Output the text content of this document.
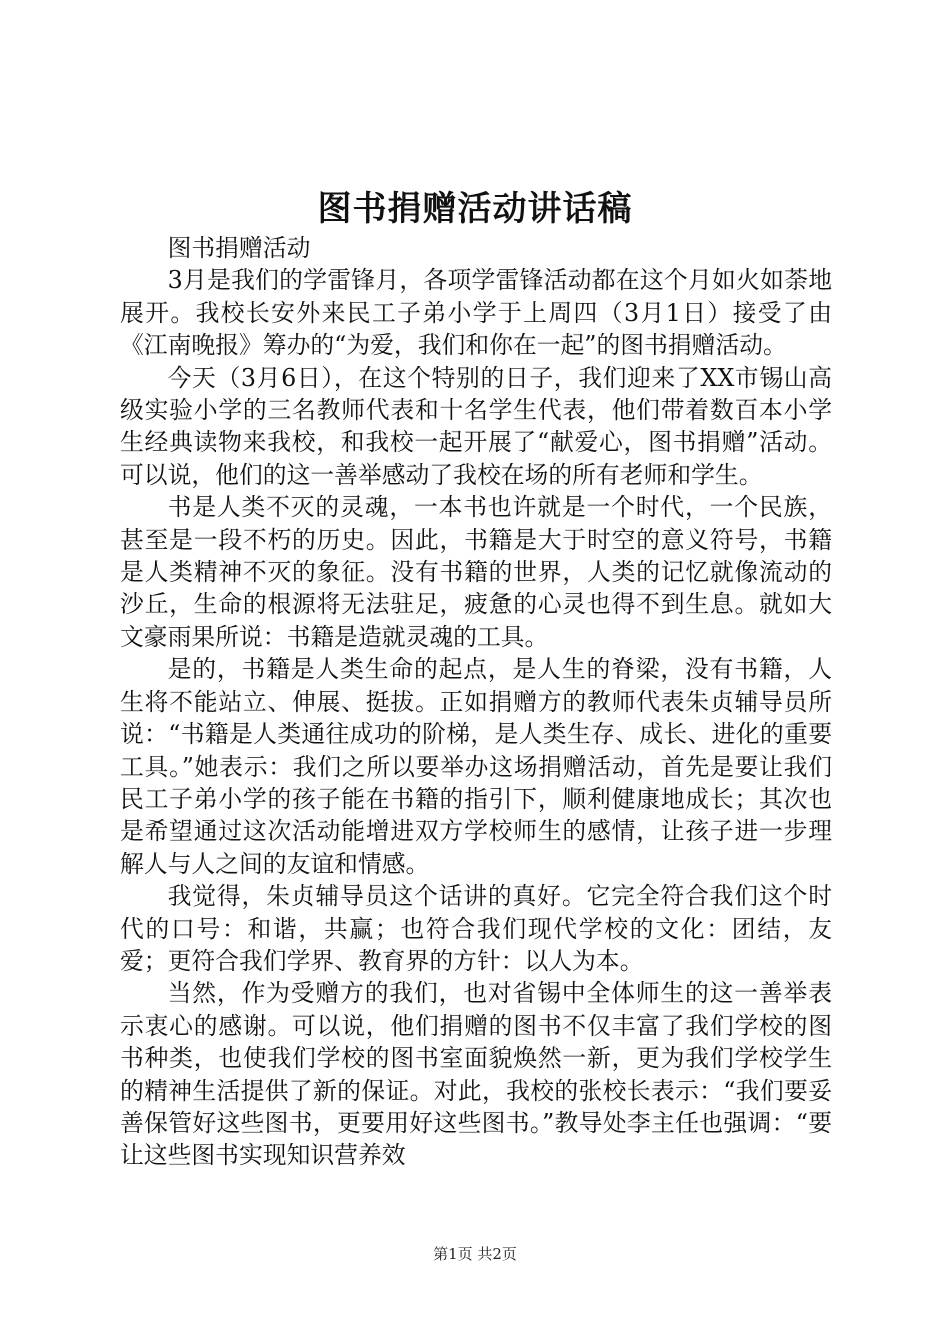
图书捐赠活动讲话稿

图书捐赠活动

3月是我们的学雷锋月，各项学雷锋活动都在这个月如火如荼地展开。我校长安外来民工子弟小学于上周四（3月1日）接受了由《江南晚报》筹办的“为爱，我们和你在一起”的图书捐赠活动。

今天（3月6日），在这个特别的日子，我们迎来了XX市锡山高级实验小学的三名教师代表和十名学生代表，他们带着数百本小学生经典读物来我校，和我校一起开展了“献爱心，图书捐赠”活动。可以说，他们的这一善举感动了我校在场的所有老师和学生。

书是人类不灭的灵魂，一本书也许就是一个时代，一个民族，甚至是一段不朽的历史。因此，书籍是大于时空的意义符号，书籍是人类精神不灭的象征。没有书籍的世界，人类的记忆就像流动的沙丘，生命的根源将无法驻足，疲惫的心灵也得不到生息。就如大文豪雨果所说：书籍是造就灵魂的工具。

是的，书籍是人类生命的起点，是人生的脊梁，没有书籍，人生将不能站立、伸展、挺拔。正如捐赠方的教师代表朱贞辅导员所说：“书籍是人类通往成功的阶梯，是人类生存、成长、进化的重要工具。”她表示：我们之所以要举办这场捐赠活动，首先是要让我们民工子弟小学的孩子能在书籍的指引下，顺利健康地成长；其次也是希望通过这次活动能增进双方学校师生的感情，让孩子进一步理解人与人之间的友谊和情感。

我觉得，朱贞辅导员这个话讲的真好。它完全符合我们这个时代的口号：和谐，共赢；也符合我们现代学校的文化：团结，友爱；更符合我们学界、教育界的方针：以人为本。

当然，作为受赠方的我们，也对省锡中全体师生的这一善举表示衷心的感谢。可以说，他们捐赠的图书不仅丰富了我们学校的图书种类，也使我们学校的图书室面貌焕然一新，更为我们学校学生的精神生活提供了新的保证。对此，我校的张校长表示：“我们要妥善保管好这些图书，更要用好这些图书。”教导处李主任也强调：“要让这些图书实现知识营养效

第1页 共2页
